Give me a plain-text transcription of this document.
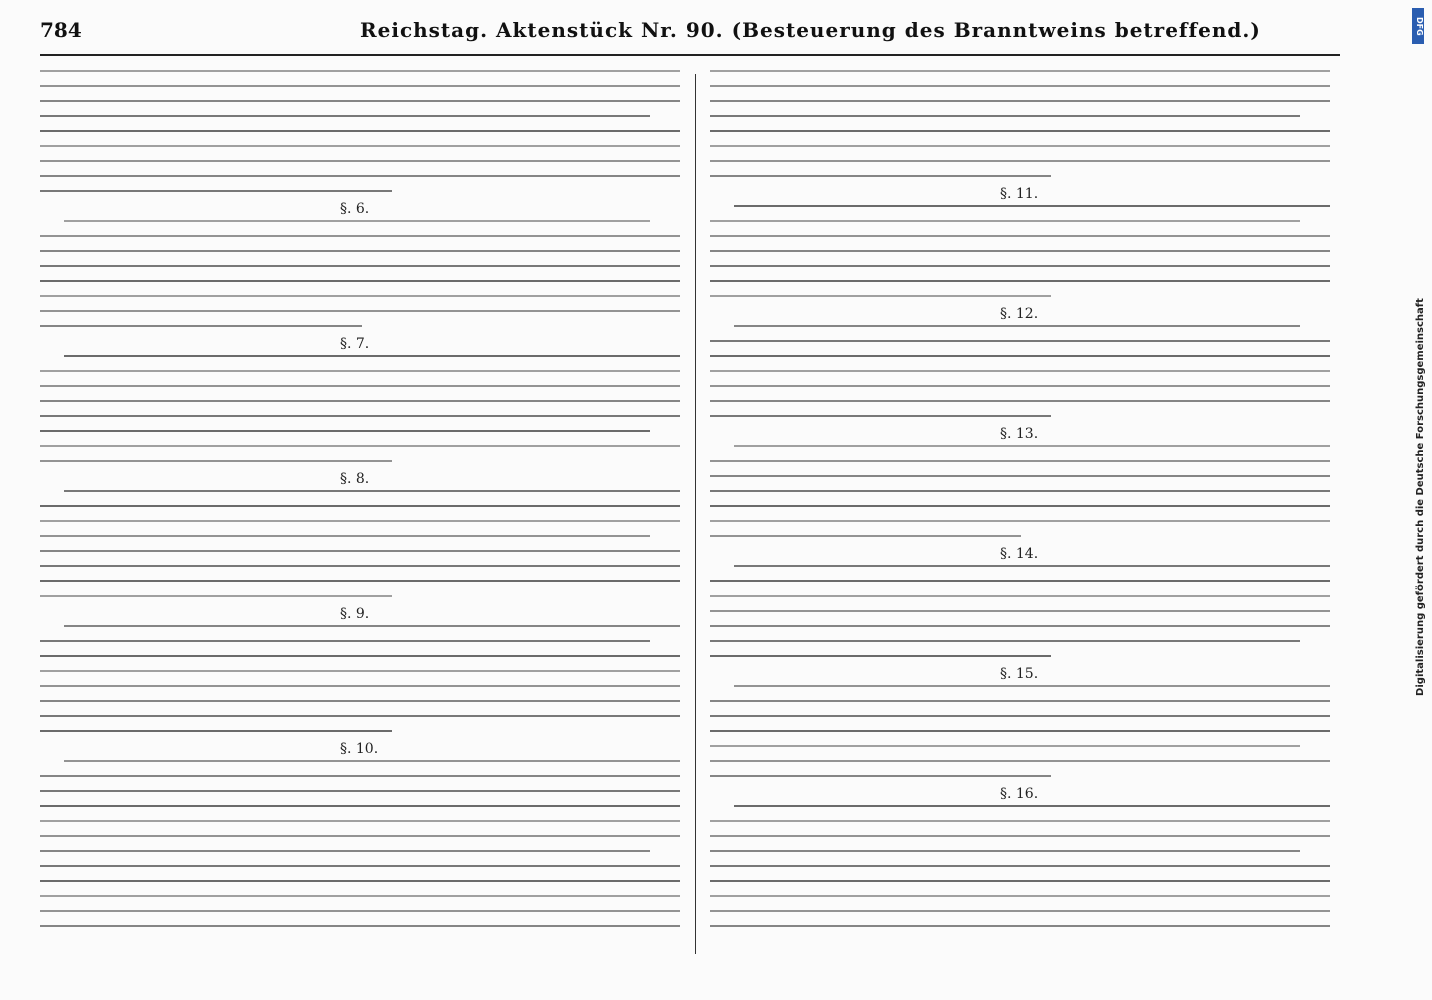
784	Reichstag. Aktenstück Nr. 90. (Besteuerung des Branntweins betreffend.)
§. 6.
§. 7.
§. 8.
§. 9.
§. 10.
§. 11.
§. 12.
§. 13.
§. 14.
§. 15.
§. 16.
Digitalisierung gefördert durch die Deutsche Forschungsgemeinschaft
DFG
